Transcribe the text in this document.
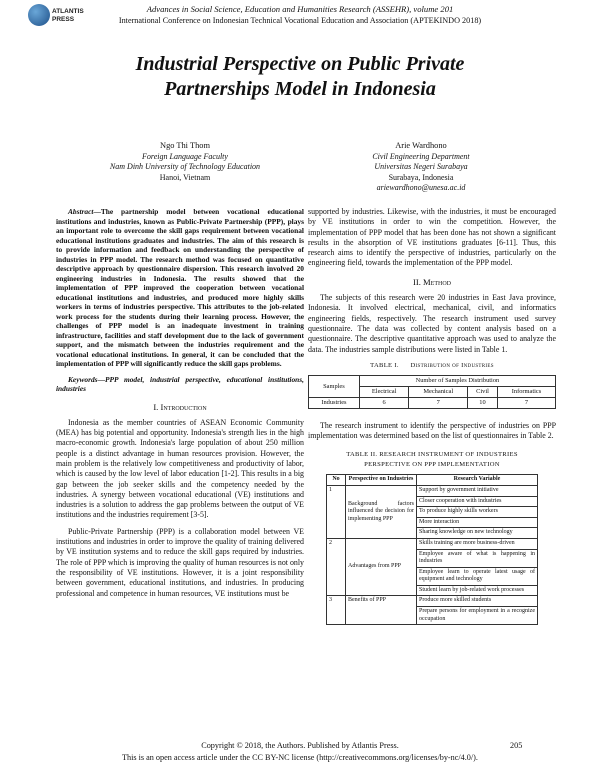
ATLANTIS
PRESS
Advances in Social Science, Education and Humanities Research (ASSEHR), volume 201
International Conference on Indonesian Technical Vocational Education and Association (APTEKINDO 2018)
Industrial Perspective on Public Private
Partnerships Model in Indonesia
Ngo Thi Thom
Foreign Language Faculty
Nam Dinh University of Technology Education
Hanoi, Vietnam
Arie Wardhono
Civil Engineering Department
Universitas Negeri Surabaya
Surabaya, Indonesia
ariewardhono@unesa.ac.id

Abstract—The partnership model between vocational educational institutions and industries, known as Public-Private Partnership (PPP), plays an important role to overcome the skill gaps requirement between vocational educational institutions graduates and industries. The aim of this research is to provide information and feedback on understanding the perspective of industries in PPP model. The research method was focused on quantitative descriptive approach by questionnaire dispersion. This research involved 20 engineering industries in Indonesia. The results showed that the implementation of PPP improved the cooperation between vocational educational institutions and industries, and produced more highly skills workers in terms of industries perspective. This attributes to the job-related work process for the students during their learning process. However, the challenges of PPP model is an inadequate investment in training infrastructure, facilities and staff development due to the lack of government support, and the mismatch between the industries requirement and the vocational educational institutions. In general, it can be concluded that the implementation of PPP will significantly reduce the skill gaps problems.

Keywords—PPP model, industrial perspective, educational institutions, industries

I. Introduction

Indonesia as the member countries of ASEAN Economic Community (MEA) has big potential and opportunity. Indonesia's strength lies in the high macro-economic growth. Indonesia's large population of about 250 million people is a distinct advantage in human resources provision. However, the main problem is the relatively low competitiveness and productivity of labor, which is caused by the low level of labor education [1-2]. This results in a big gap between the job seeker skills and the competency needed by the industries. A synergy between vocational educational (VE) institutions and industries is a solution to address the gap problems between the output of VE institutions and the industries requirement [3-5].

Public-Private Partnership (PPP) is a collaboration model between VE institutions and industries in order to improve the quality of training delivered by VE institution systems and to reduce the skill gaps required by industries. The role of PPP which is improving the quality of human resources is not only the responsibility of VE institutions. However, it is a joint responsibility between government, educational institutions, and industries. In producing professional and competence in human resources, VE institutions must be

supported by industries. Likewise, with the industries, it must be encouraged by VE institutions in order to win the competition. However, the implementation of PPP model that has been done has not shown a significant results in the absorption of VE institutions graduates [6-11]. Thus, this research aims to identify the perspective of industries, particularly on the engineering field, towards the implementation of the PPP model.

II. Method

The subjects of this research were 20 industries in East Java province, Indonesia. It involved electrical, mechanical, civil, and informatics engineering fields, respectively. The research instrument used survey questionnaire. The data was collected by content analysis based on a questionnaire. The descriptive quantitative approach was used to analyze the data. The industries sample distributions were listed in Table 1.

TABLE I. Distribution of Industries
Samples	Number of Samples Distribution			
	Electrical	Mechanical	Civil	Informatics
Industries	6	7	10	7

The research instrument to identify the perspective of industries on PPP implementation was determined based on the list of questionnaires in Table 2.

TABLE II. RESEARCH INSTRUMENT OF INDUSTRIES
PERSPECTIVE ON PPP IMPLEMENTATION
No	Perspective on Industries	Research Variable
1	Background factors influenced the decision for implementing PPP	Support by government initiative
		Closer cooperation with industries
		To produce highly skills workers
		More interaction
		Sharing knowledge on new technology
2	Advantages from PPP	Skills training are more business-driven
		Employee aware of what is happening in industries
		Employee learn to operate latest usage of equipment and technology
		Student learn by job-related work processes
3	Benefits of PPP	Produce more skilled students
		Prepare persons for employment in a recognize occupation
Copyright © 2018, the Authors. Published by Atlantis Press.
This is an open access article under the CC BY-NC license (http://creativecommons.org/licenses/by-nc/4.0/).
205
